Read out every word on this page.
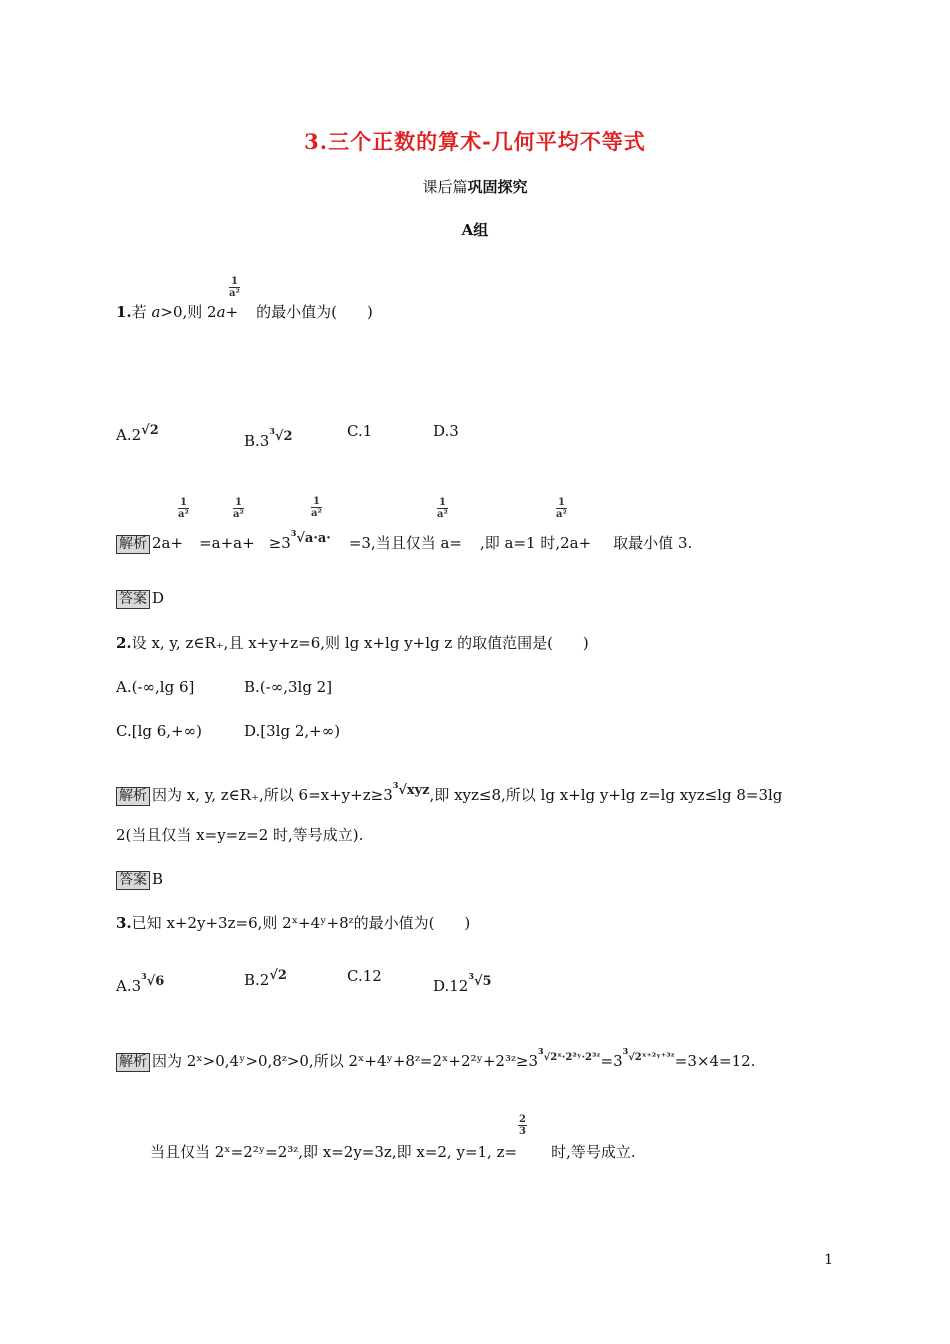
3.三个正数的算术-几何平均不等式
课后篇巩固探究
A组
$\frac{1}{\text{a²}}$
1.若 a>0,则 2a+ 的最小值为(　　)
A.2√2
$B.3^3√2$	C.1	D.3
$\frac{1}{\text{a²}}$	$\frac{1}{\text{a²}}$	$\frac{1}{\text{a²}}$	$\frac{1}{\text{a²}}$	$\frac{1}{\text{a²}}$
解析 $2a+ =a+a+ \ge 3^3√a\cdot a\cdot =3$,当且仅当 a= ,即 a=1 时,2a+ 取最小值 3.
答案 D
2.设 x, y, z∈R₊,且 x+y+z=6,则 lg x+lg y+lg z 的取值范围是(　　)
A.(-∞,lg 6]	B.(-∞,3lg 2]
C.[lg 6,+∞)	D.[3lg 2,+∞)
解析 因为 x, y, z∈R₊,所以 $6=x+y+z\ge 3^3√xyz$,即 xyz≤8,所以 lg x+lg y+lg z=lg xyz≤lg 8=3lg
2(当且仅当 x=y=z=2 时,等号成立).
答案 B
3.已知 x+2y+3z=6,则 2ˣ+4ʸ+8ᶻ的最小值为(　　)
$A.3^3√6$	B.2√2	C.12
$D.12^3√5$
解析 因为 2ˣ>0,4ʸ>0,8ᶻ>0,所以 $2ˣ+4ʸ+8ᶻ=2ˣ+2^2ʸ+2^3ᶻ\ge 3^{3√2ˣ\cdot 2^2ʸ\cdot 2^3ᶻ}=3^{3√2ˣ^{+2}ʸ^{+3}ᶻ}=3\times 4=12$.
$\frac{2}{3}$
当且仅当 2ˣ=2²ʸ=2³ᶻ,即 x=2y=3z,即 x=2, y=1, z= 时,等号成立.
1
